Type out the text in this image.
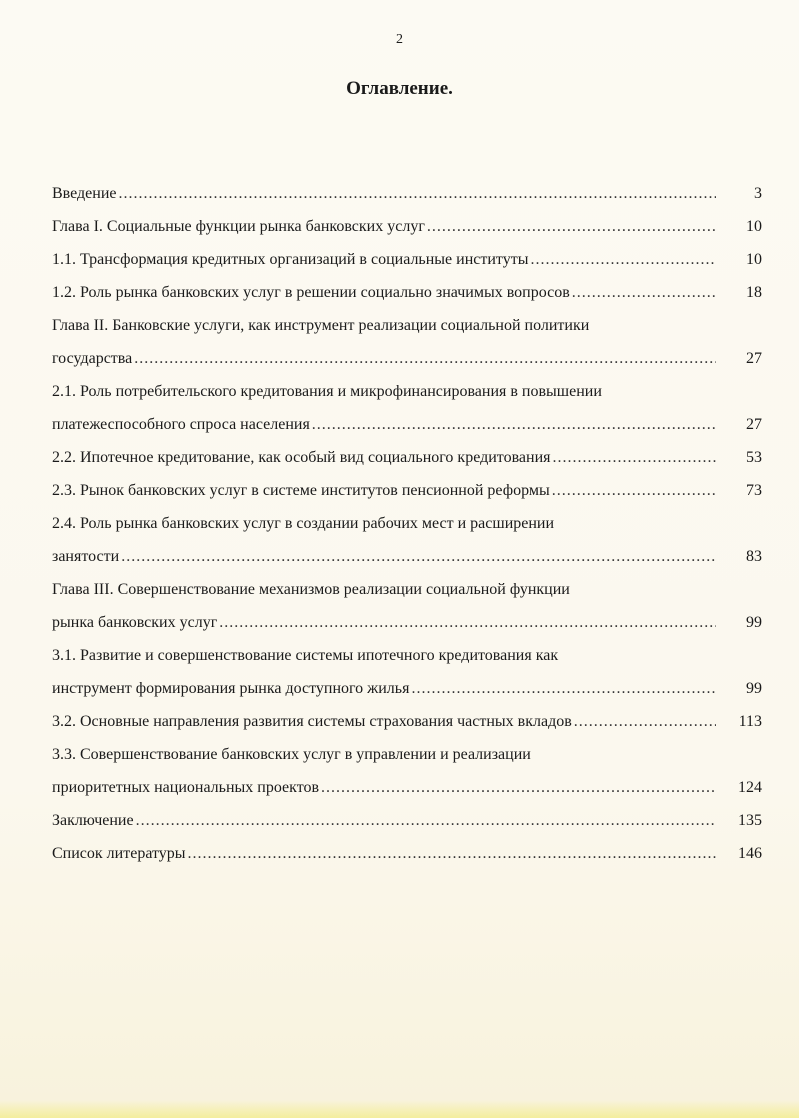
2
Оглавление.
Введение .....	3
Глава I. Социальные функции рынка банковских услуг .....	10
1.1. Трансформация кредитных организаций в социальные институты .....	10
1.2. Роль рынка банковских услуг в решении социально значимых вопросов .....	18
Глава II. Банковские услуги, как инструмент реализации социальной политики
государства .....	27
2.1. Роль потребительского кредитования и микрофинансирования в повышении
платежеспособного спроса населения .....	27
2.2. Ипотечное кредитование, как особый вид социального кредитования .....	53
2.3. Рынок банковских услуг в системе институтов пенсионной реформы .....	73
2.4. Роль рынка банковских услуг в создании рабочих мест и расширении
занятости .....	83
Глава III. Совершенствование механизмов реализации социальной функции
рынка банковских услуг .....	99
3.1. Развитие и совершенствование системы ипотечного кредитования как
инструмент формирования рынка доступного жилья .....	99
3.2. Основные направления развития системы страхования частных вкладов .....	113
3.3. Совершенствование банковских услуг в управлении и реализации
приоритетных национальных проектов .....	124
Заключение .....	135
Список литературы .....	146
